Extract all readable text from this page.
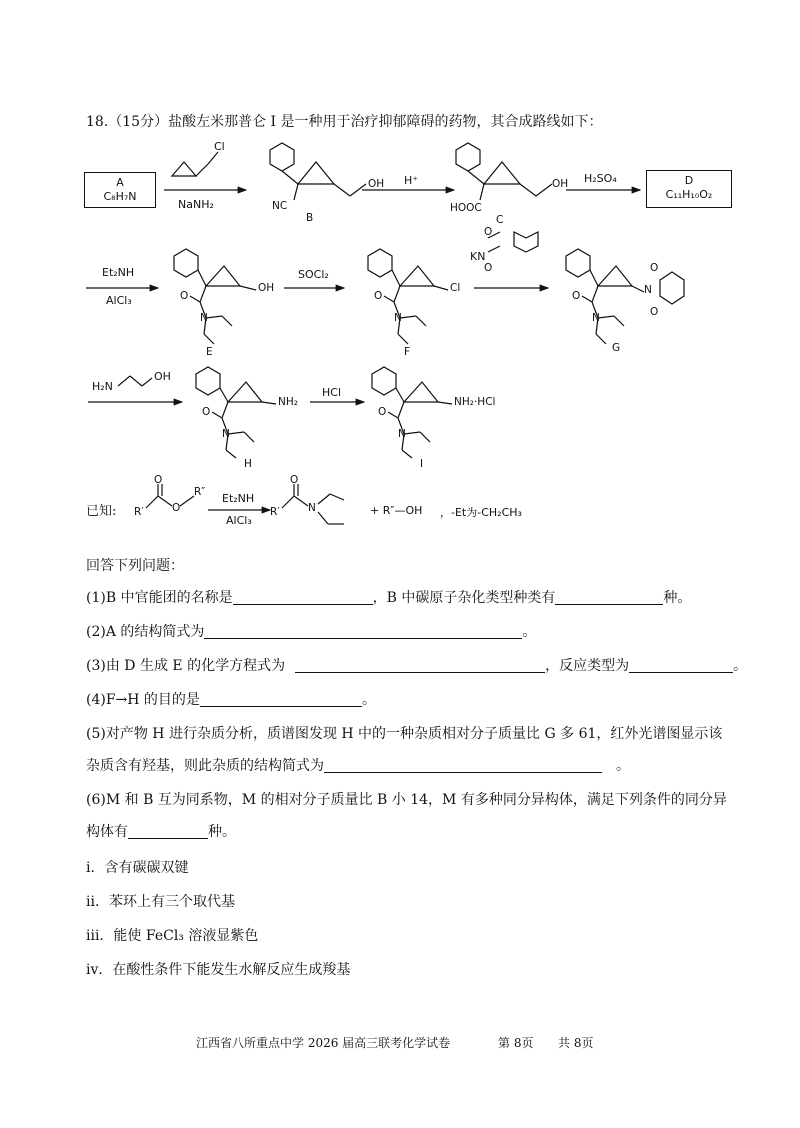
18.（15分）盐酸左米那普仑 I 是一种用于治疗抑郁障碍的药物，其合成路线如下：
A
C₈H₇N
D
C₁₁H₁₀O₂
Cl
NaNH₂	NC
B
OH H⁺
HOOC
C
OH H₂SO₄
Et₂NH
AlCl₃	O
N
OH
E
SOCl₂
O
N
Cl
F
KN
O
O
O
N
N
O
O
G
H₂N
OH
O
N
NH₂
H
HCl
O
N
NH₂·HCl
I
已知: R′
O
O
R″ Et₂NH
AlCl₃
R′
O
N	+ R″—OH ，-Et为-CH₂CH₃
回答下列问题：
(1)B 中官能团的名称是	，B 中碳原子杂化类型种类有	种。
(2)A 的结构简式为	。
(3)由 D 生成 E 的化学方程式为	，反应类型为	。
(4)F→H 的目的是	。
(5)对产物 H 进行杂质分析，质谱图发现 H 中的一种杂质相对分子质量比 G 多 61，红外光谱图显示该
杂质含有羟基，则此杂质的结构简式为	。
(6)M 和 B 互为同系物，M 的相对分子质量比 B 小 14，M 有多种同分异构体，满足下列条件的同分异
构体有	种。
i．含有碳碳双键
ii．苯环上有三个取代基
iii．能使 FeCl₃ 溶液显紫色
iv．在酸性条件下能发生水解反应生成羧基
江西省八所重点中学 2026 届高三联考化学试卷	第 8页 共 8页
